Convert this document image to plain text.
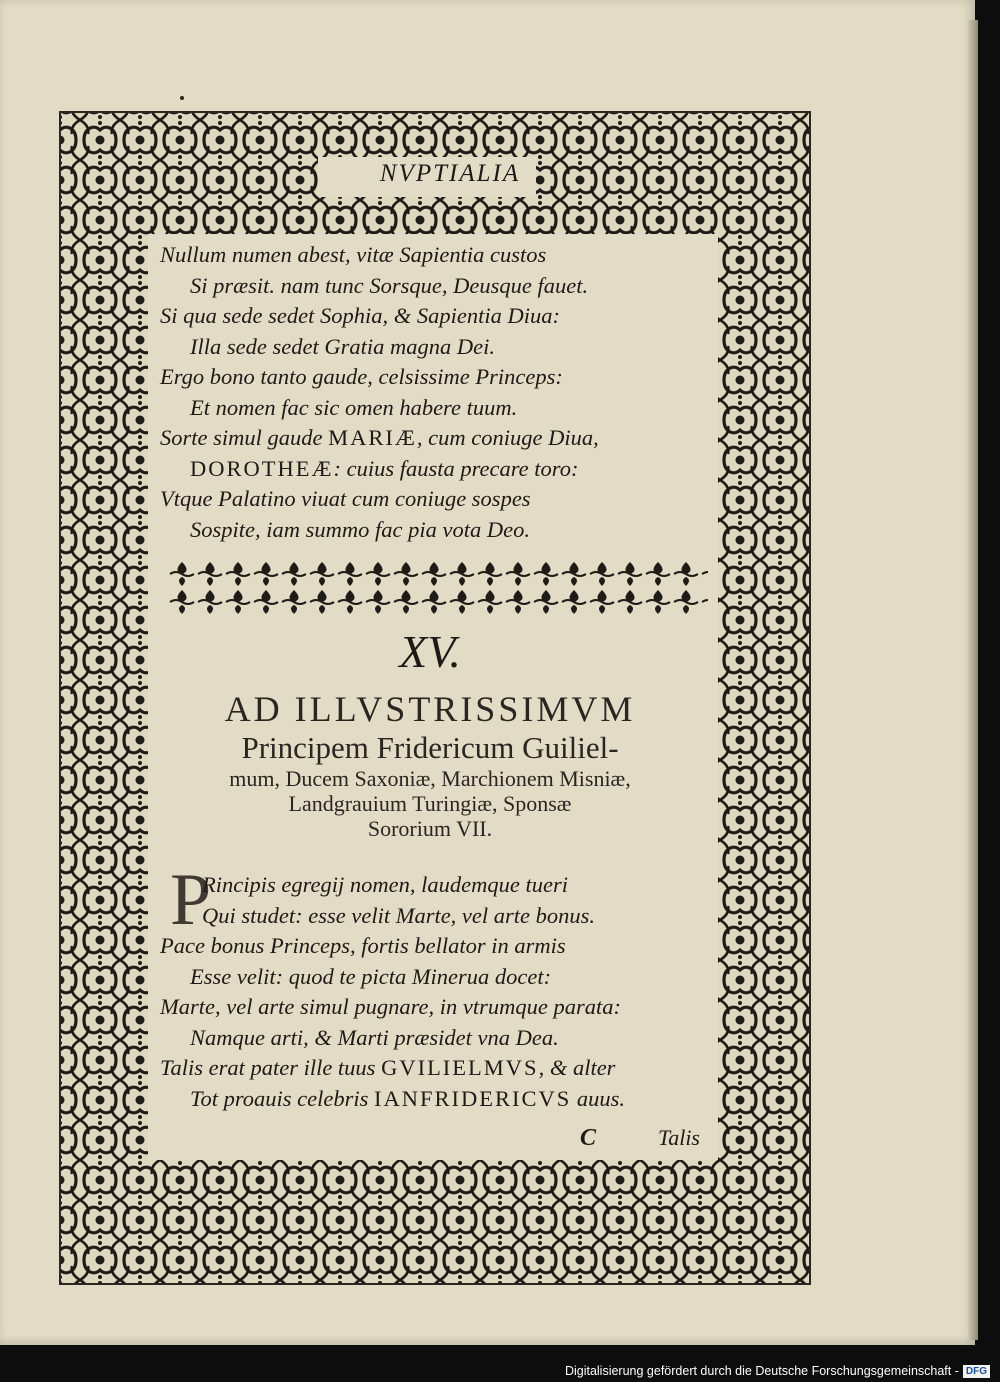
NVPTIALIA
Nullum numen abest, vitæ Sapientia custos
Si præsit. nam tunc Sorsque, Deusque fauet.
Si qua sede sedet Sophia, & Sapientia Diua:
Illa sede sedet Gratia magna Dei.
Ergo bono tanto gaude, celsissime Princeps:
Et nomen fac sic omen habere tuum.
Sorte simul gaude MARIÆ, cum coniuge Diua,
DOROTHEÆ: cuius fausta precare toro:
Vtque Palatino viuat cum coniuge sospes
Sospite, iam summo fac pia vota Deo.
XV.
AD ILLVSTRISSIMVM
Principem Fridericum Guiliel-
mum, Ducem Saxoniæ, Marchionem Misniæ,
Landgrauium Turingiæ, Sponsæ
Sororium VII.
P
Rincipis egregij nomen, laudemque tueri
Qui studet: esse velit Marte, vel arte bonus.
Pace bonus Princeps, fortis bellator in armis
Esse velit: quod te picta Minerua docet:
Marte, vel arte simul pugnare, in vtrumque parata:
Namque arti, & Marti præsidet vna Dea.
Talis erat pater ille tuus GVILIELMVS, & alter
Tot proauis celebris IANFRIDERICVS auus.
C	Talis
Digitalisierung gefördert durch die Deutsche Forschungsgemeinschaft - DFG
